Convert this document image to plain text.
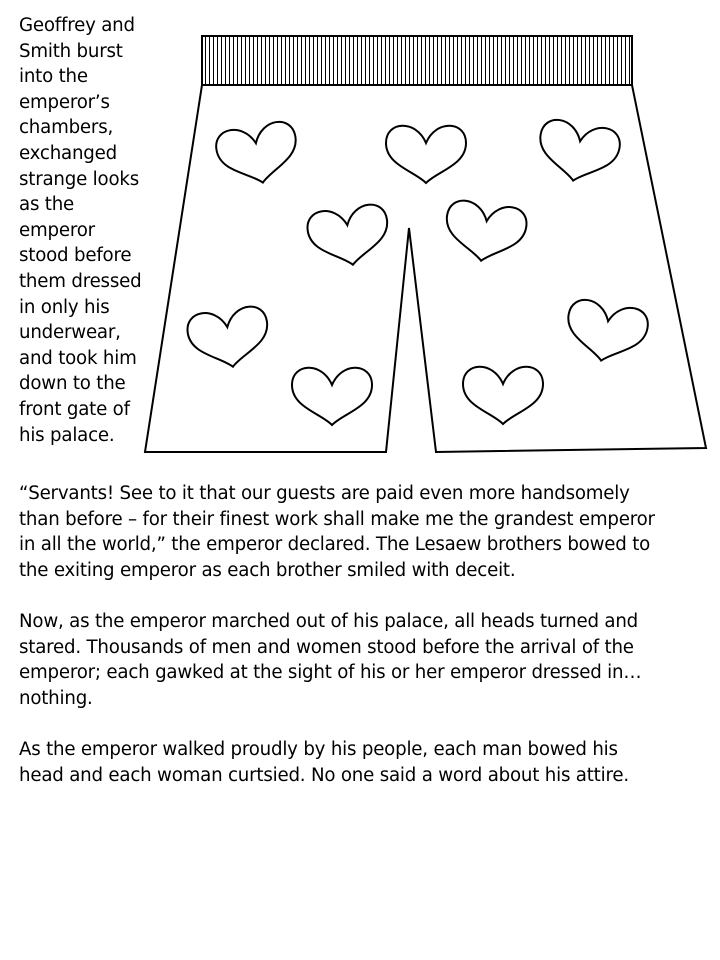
Geoffrey and
Smith burst
into the
emperor’s
chambers,
exchanged
strange looks
as the
emperor
stood before
them dressed
in only his
underwear,
and took him
down to the
front gate of
his palace.

“Servants! See to it that our guests are paid even more handsomely
than before – for their finest work shall make me the grandest emperor
in all the world,” the emperor declared. The Lesaew brothers bowed to
the exiting emperor as each brother smiled with deceit.

Now, as the emperor marched out of his palace, all heads turned and
stared. Thousands of men and women stood before the arrival of the
emperor; each gawked at the sight of his or her emperor dressed in…
nothing.

As the emperor walked proudly by his people, each man bowed his
head and each woman curtsied. No one said a word about his attire.
